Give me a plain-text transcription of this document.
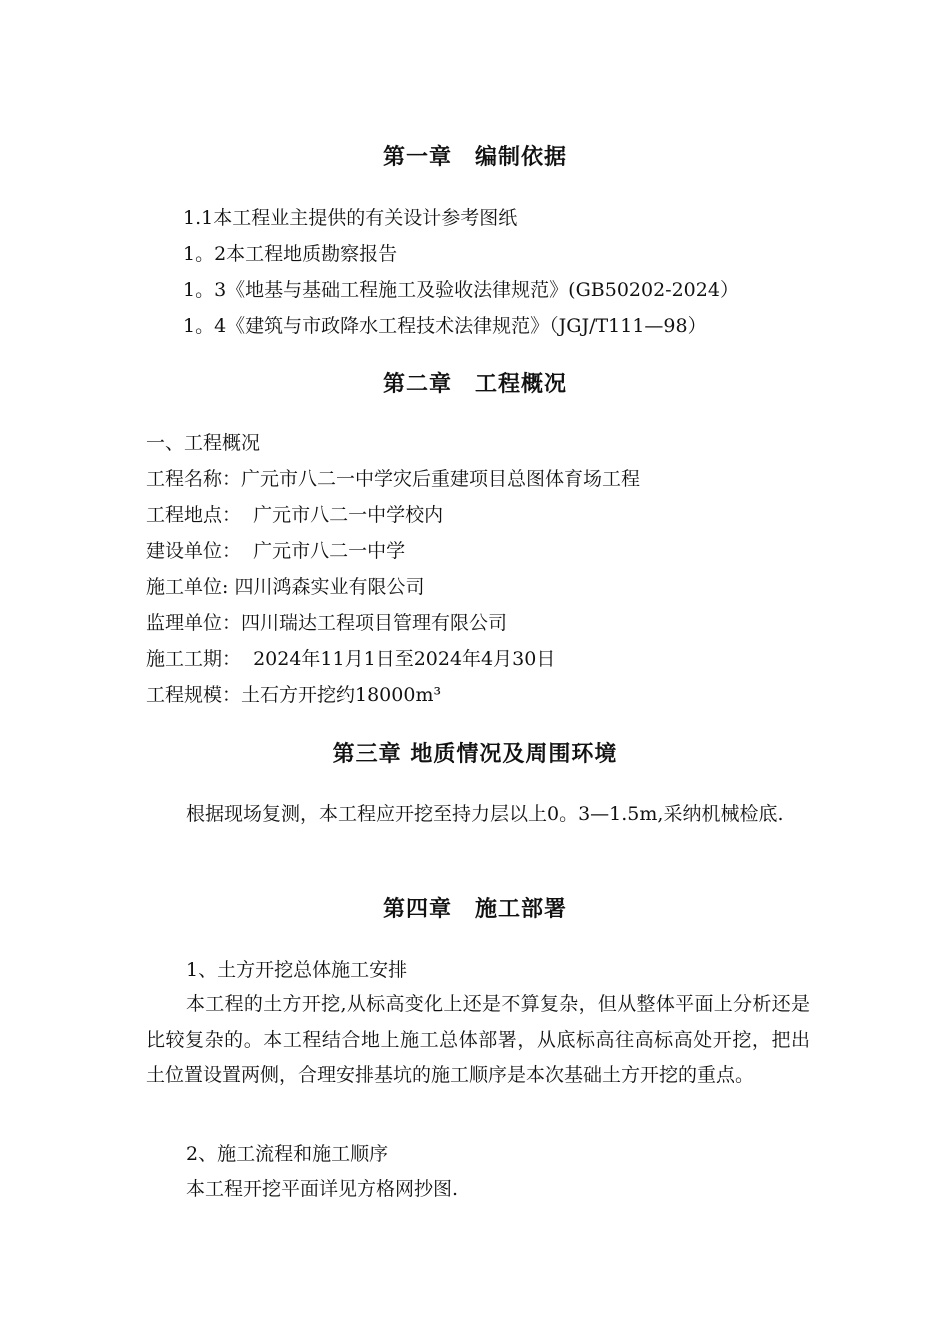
第一章　编制依据
1.1本工程业主提供的有关设计参考图纸
1。2本工程地质勘察报告
1。3《地基与基础工程施工及验收法律规范》(GB50202-2024）
1。4《建筑与市政降水工程技术法律规范》（JGJ/T111—98）
第二章　工程概况
一、工程概况
工程名称：广元市八二一中学灾后重建项目总图体育场工程
工程地点：  广元市八二一中学校内
建设单位：  广元市八二一中学
施工单位: 四川鸿森实业有限公司
监理单位：四川瑞达工程项目管理有限公司
施工工期：  2024年11月1日至2024年4月30日
工程规模：土石方开挖约18000m³
第三章 地质情况及周围环境
根据现场复测，本工程应开挖至持力层以上0。3—1.5m,采纳机械检底.
第四章　施工部署
1、土方开挖总体施工安排
本工程的土方开挖,从标高变化上还是不算复杂，但从整体平面上分析还是比较复杂的。本工程结合地上施工总体部署，从底标高往高标高处开挖，把出土位置设置两侧，合理安排基坑的施工顺序是本次基础土方开挖的重点。
2、施工流程和施工顺序
本工程开挖平面详见方格网抄图.
